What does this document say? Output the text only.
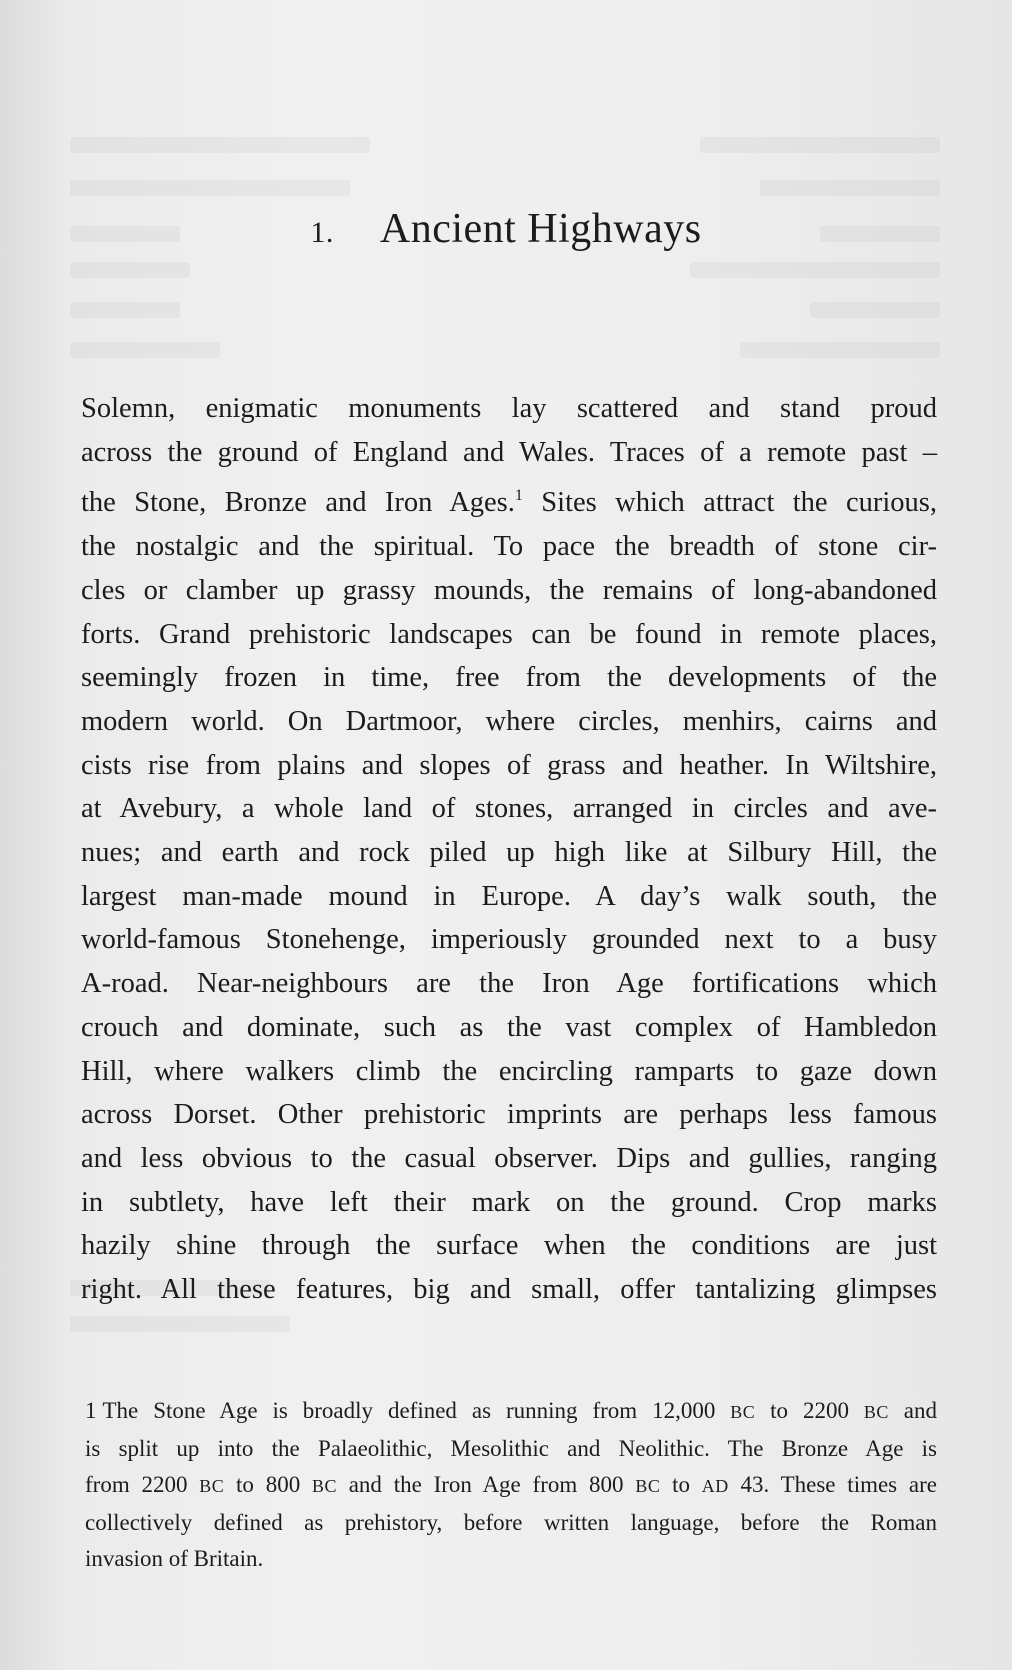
1. Ancient Highways
Solemn, enigmatic monuments lay scattered and stand proud
across the ground of England and Wales. Traces of a remote past –
the Stone, Bronze and Iron Ages.$^1$ Sites which attract the curious,
the nostalgic and the spiritual. To pace the breadth of stone cir-
cles or clamber up grassy mounds, the remains of long-abandoned
forts. Grand prehistoric landscapes can be found in remote places,
seemingly frozen in time, free from the developments of the
modern world. On Dartmoor, where circles, menhirs, cairns and
cists rise from plains and slopes of grass and heather. In Wiltshire,
at Avebury, a whole land of stones, arranged in circles and ave-
nues; and earth and rock piled up high like at Silbury Hill, the
largest man-made mound in Europe. A day’s walk south, the
world-famous Stonehenge, imperiously grounded next to a busy
A-road. Near-neighbours are the Iron Age fortifications which
crouch and dominate, such as the vast complex of Hambledon
Hill, where walkers climb the encircling ramparts to gaze down
across Dorset. Other prehistoric imprints are perhaps less famous
and less obvious to the casual observer. Dips and gullies, ranging
in subtlety, have left their mark on the ground. Crop marks
hazily shine through the surface when the conditions are just
right. All these features, big and small, offer tantalizing glimpses
1 The Stone Age is broadly defined as running from 12,000 BC to 2200 BC and
is split up into the Palaeolithic, Mesolithic and Neolithic. The Bronze Age is
from 2200 BC to 800 BC and the Iron Age from 800 BC to AD 43. These times are
collectively defined as prehistory, before written language, before the Roman
invasion of Britain.
